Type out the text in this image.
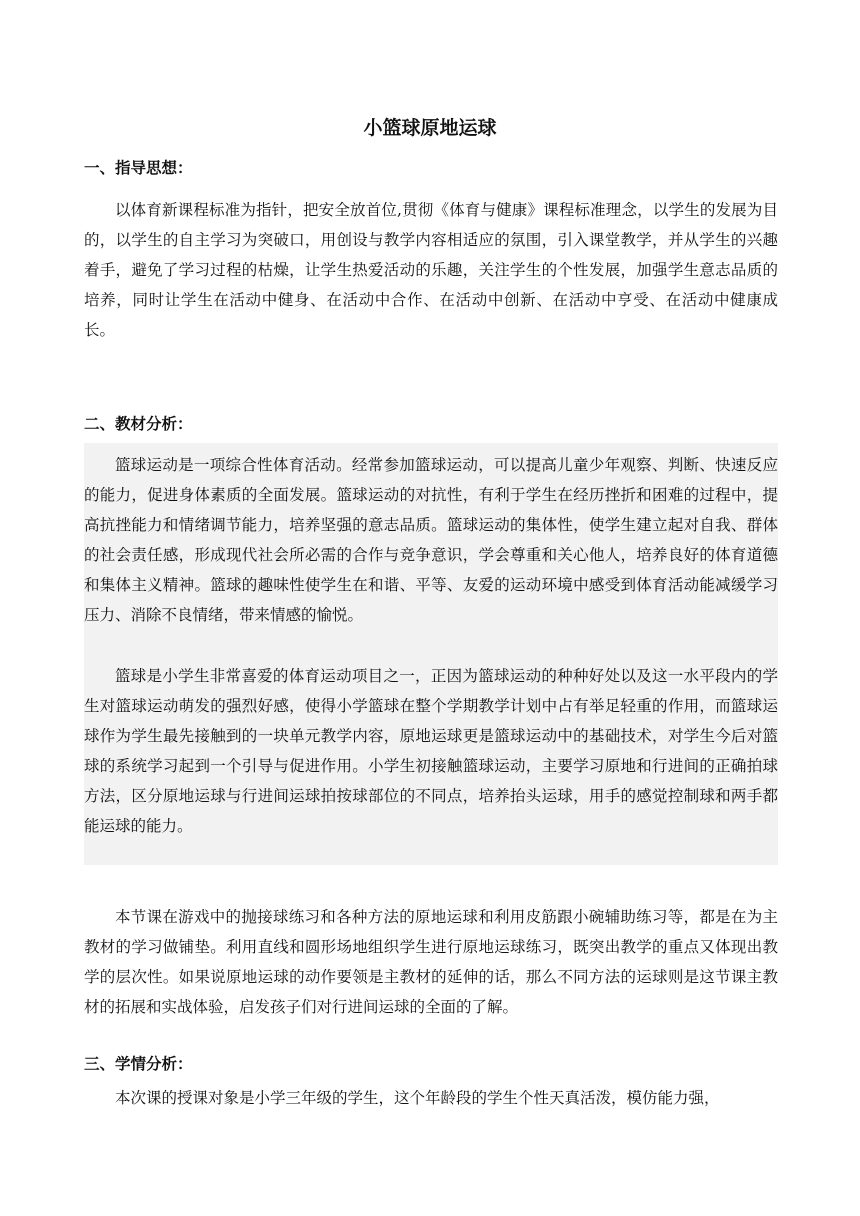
小篮球原地运球
一、指导思想：

以体育新课程标准为指针，把安全放首位,贯彻《体育与健康》课程标准理念，以学生的发展为目的，以学生的自主学习为突破口，用创设与教学内容相适应的氛围，引入课堂教学，并从学生的兴趣着手，避免了学习过程的枯燥，让学生热爱活动的乐趣，关注学生的个性发展，加强学生意志品质的培养，同时让学生在活动中健身、在活动中合作、在活动中创新、在活动中亨受、在活动中健康成长。

二、教材分析：

篮球运动是一项综合性体育活动。经常参加篮球运动，可以提高儿童少年观察、判断、快速反应的能力，促进身体素质的全面发展。篮球运动的对抗性，有利于学生在经历挫折和困难的过程中，提高抗挫能力和情绪调节能力，培养坚强的意志品质。篮球运动的集体性，使学生建立起对自我、群体的社会责任感，形成现代社会所必需的合作与竞争意识，学会尊重和关心他人，培养良好的体育道德和集体主义精神。篮球的趣味性使学生在和谐、平等、友爱的运动环境中感受到体育活动能减缓学习压力、消除不良情绪，带来情感的愉悦。

篮球是小学生非常喜爱的体育运动项目之一，正因为篮球运动的种种好处以及这一水平段内的学生对篮球运动萌发的强烈好感，使得小学篮球在整个学期教学计划中占有举足轻重的作用，而篮球运球作为学生最先接触到的一块单元教学内容，原地运球更是篮球运动中的基础技术，对学生今后对篮球的系统学习起到一个引导与促进作用。小学生初接触篮球运动，主要学习原地和行进间的正确拍球方法，区分原地运球与行进间运球拍按球部位的不同点，培养抬头运球，用手的感觉控制球和两手都能运球的能力。

本节课在游戏中的抛接球练习和各种方法的原地运球和利用皮筋跟小碗辅助练习等，都是在为主教材的学习做铺垫。利用直线和圆形场地组织学生进行原地运球练习，既突出教学的重点又体现出教学的层次性。如果说原地运球的动作要领是主教材的延伸的话，那么不同方法的运球则是这节课主教材的拓展和实战体验，启发孩子们对行进间运球的全面的了解。

三、学情分析：

本次课的授课对象是小学三年级的学生，这个年龄段的学生个性天真活泼，模仿能力强，
